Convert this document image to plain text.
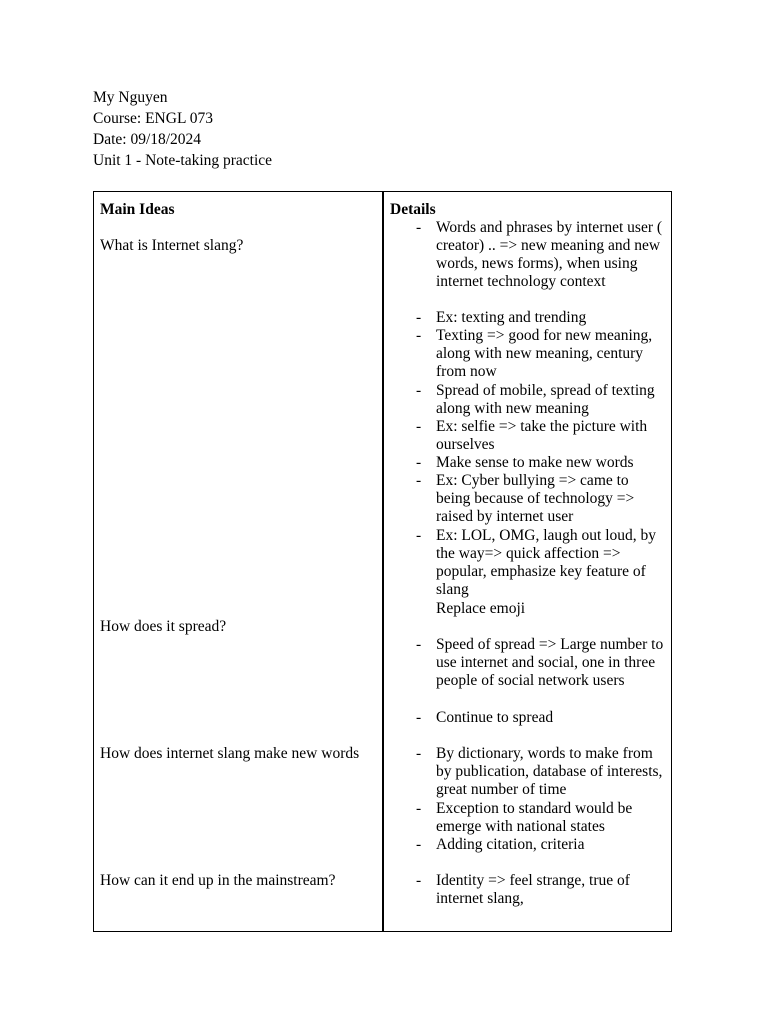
My Nguyen
Course: ENGL 073
Date: 09/18/2024
Unit 1 - Note-taking practice
Main Ideas
What is Internet slang?
How does it spread?
How does internet slang make new words
How can it end up in the mainstream?
Details
- Words and phrases by internet user ( creator) .. => new meaning and new words, news forms), when using internet technology context
- Ex: texting and trending
- Texting => good for new meaning, along with new meaning, century from now
- Spread of mobile, spread of texting along with new meaning
- Ex: selfie => take the picture with ourselves
- Make sense to make new words
- Ex: Cyber bullying => came to being because of technology => raised by internet user
- Ex: LOL, OMG, laugh out loud, by the way=> quick affection => popular, emphasize key feature of slang
Replace emoji
- Speed of spread => Large number to use internet and social, one in three people of social network users
- Continue to spread
- By dictionary, words to make from by publication, database of interests, great number of time
- Exception to standard would be emerge with national states
- Adding citation, criteria
- Identity => feel strange, true of internet slang,
